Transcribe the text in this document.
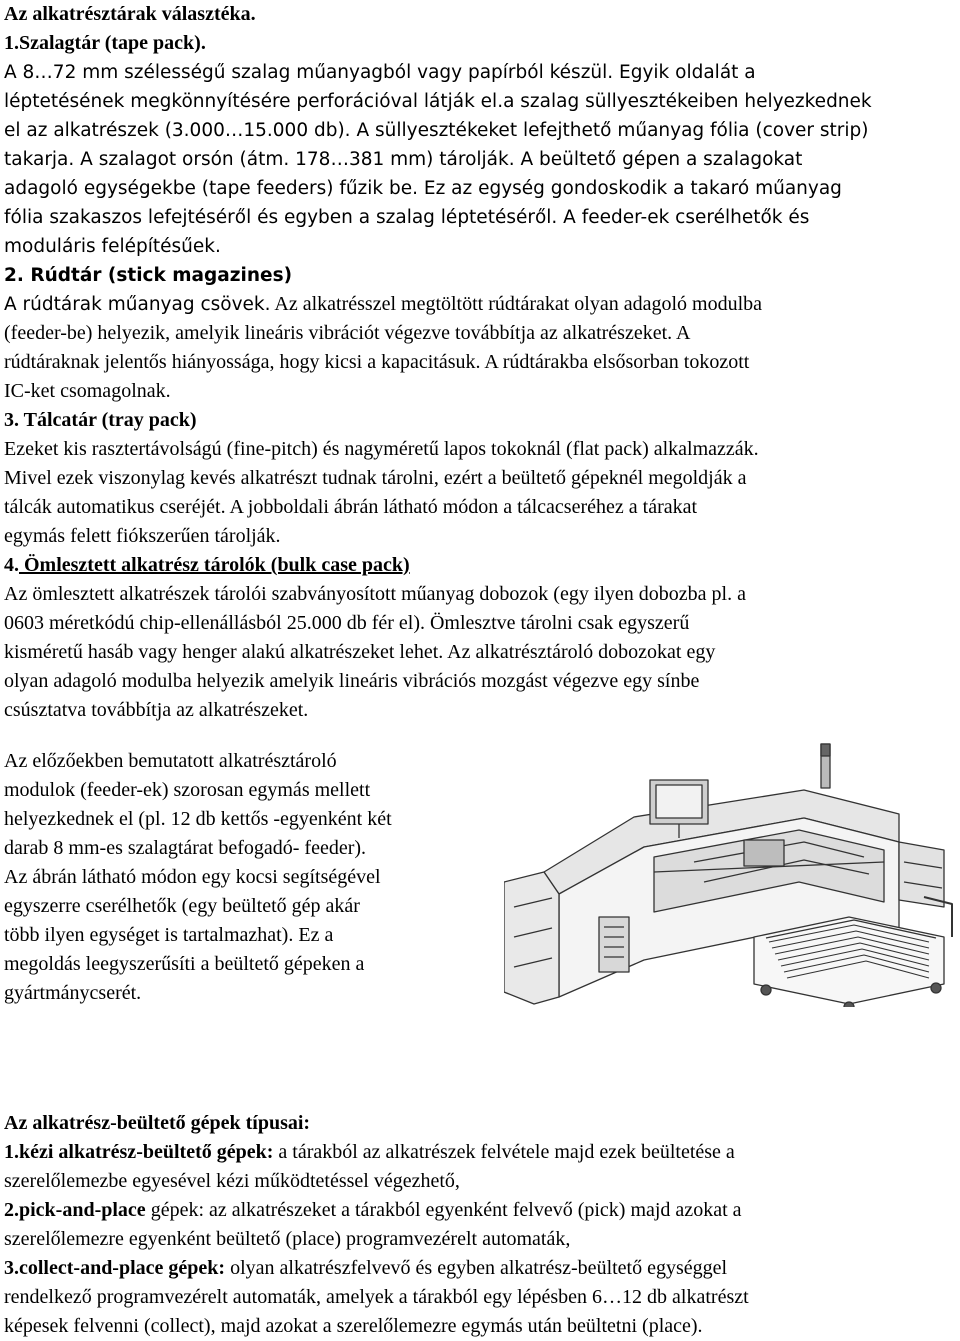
Az alkatrésztárak választéka.

1.Szalagtár (tape pack).

A 8…72 mm szélességű szalag műanyagból vagy papírból készül. Egyik oldalát a

léptetésének megkönnyítésére perforációval látják el.a szalag süllyesztékeiben helyezkednek

el az alkatrészek (3.000…15.000 db). A süllyesztékeket lefejthető műanyag fólia (cover strip)

takarja. A szalagot orsón (átm. 178…381 mm) tárolják. A beültető gépen a szalagokat

adagoló egységekbe (tape feeders) fűzik be. Ez az egység gondoskodik a takaró műanyag

fólia szakaszos lefejtéséről és egyben a szalag léptetéséről. A feeder-ek cserélhetők és

moduláris felépítésűek.

2. Rúdtár (stick magazines)

A rúdtárak műanyag csövek. Az alkatrésszel megtöltött rúdtárakat olyan adagoló modulba

(feeder-be) helyezik, amelyik lineáris vibrációt végezve továbbítja az alkatrészeket. A

rúdtáraknak jelentős hiányossága, hogy kicsi a kapacitásuk. A rúdtárakba elsősorban tokozott

IC-ket csomagolnak.

3. Tálcatár (tray pack)

Ezeket kis rasztertávolságú (fine-pitch) és nagyméretű lapos tokoknál (flat pack) alkalmazzák.

Mivel ezek viszonylag kevés alkatrészt tudnak tárolni, ezért a beültető gépeknél megoldják a

tálcák automatikus cseréjét. A jobboldali ábrán látható módon a tálcacseréhez a tárakat

egymás felett fiókszerűen tárolják.

4. Ömlesztett alkatrész tárolók (bulk case pack)

Az ömlesztett alkatrészek tárolói szabványosított műanyag dobozok (egy ilyen dobozba pl. a

0603 méretkódú chip-ellenállásból 25.000 db fér el). Ömlesztve tárolni csak egyszerű

kisméretű hasáb vagy henger alakú alkatrészeket lehet. Az alkatrésztároló dobozokat egy

olyan adagoló modulba helyezik amelyik lineáris vibrációs mozgást végezve egy sínbe

csúsztatva továbbítja az alkatrészeket.

Az előzőekben bemutatott alkatrésztároló

modulok (feeder-ek) szorosan egymás mellett

helyezkednek el (pl. 12 db kettős -egyenként két

darab 8 mm-es szalagtárat befogadó- feeder).

Az ábrán látható módon egy kocsi segítségével

egyszerre cserélhetők (egy beültető gép akár

több ilyen egységet is tartalmazhat). Ez a

megoldás leegyszerűsíti a beültető gépeken a

gyártmánycserét.

Az alkatrész-beültető gépek típusai:

1.kézi alkatrész-beültető gépek: a tárakból az alkatrészek felvétele majd ezek beültetése a

szerelőlemezbe egyesével kézi működtetéssel végezhető,

2.pick-and-place gépek: az alkatrészeket a tárakból egyenként felvevő (pick) majd azokat a

szerelőlemezre egyenként beültető (place) programvezérelt automaták,

3.collect-and-place gépek: olyan alkatrészfelvevő és egyben alkatrész-beültető egységgel

rendelkező programvezérelt automaták, amelyek a tárakból egy lépésben 6…12 db alkatrészt

képesek felvenni (collect), majd azokat a szerelőlemezre egymás után beültetni (place).
